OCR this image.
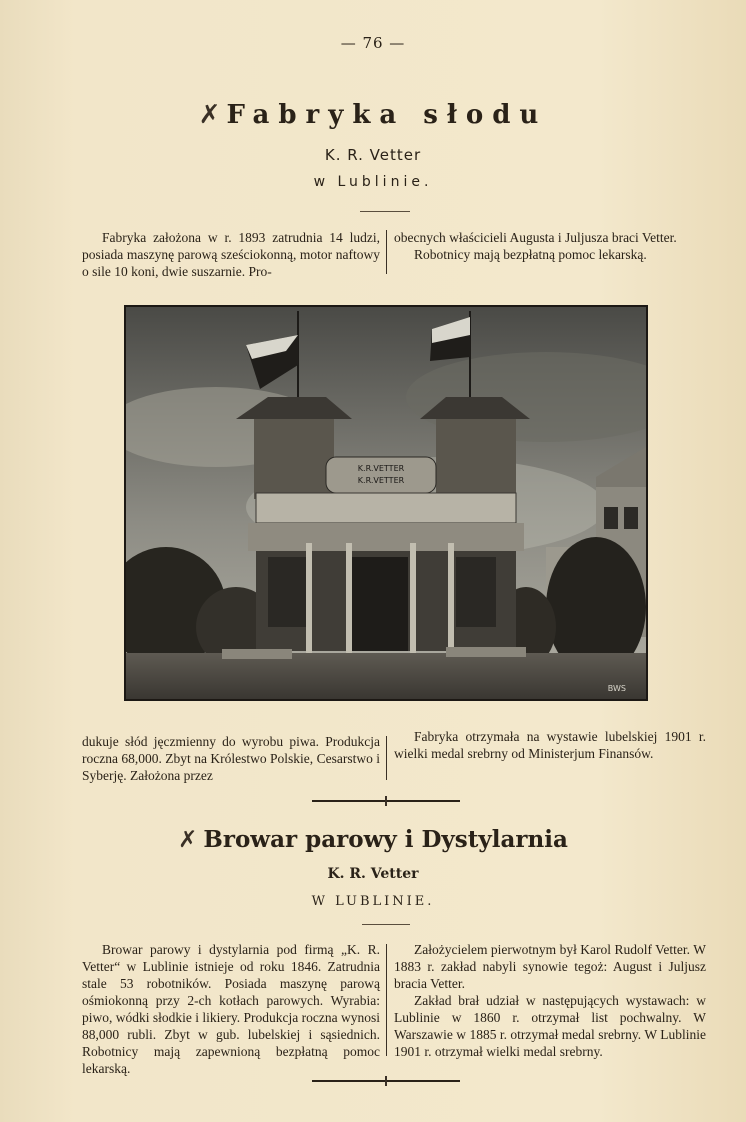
— 76 —
✗ Fabryka słodu
K. R. Vetter
w Lublinie.

Fabryka założona w r. 1893 zatrudnia 14 ludzi, posiada maszynę parową sześciokonną, motor naftowy o sile 10 koni, dwie suszarnie. Pro-

obecnych właścicieli Augusta i Juljusza braci Vetter.

Robotnicy mają bezpłatną pomoc lekarską.

K.R.VETTER
K.R.VETTER
BWS

dukuje słód jęczmienny do wyrobu piwa. Produkcja roczna 68,000. Zbyt na Królestwo Polskie, Cesarstwo i Syberję. Założona przez

Fabryka otrzymała na wystawie lubelskiej 1901 r. wielki medal srebrny od Ministerjum Finansów.

✗ Browar parowy i Dystylarnia
K. R. Vetter
W LUBLINIE.

Browar parowy i dystylarnia pod firmą „K. R. Vetter“ w Lublinie istnieje od roku 1846. Zatrudnia stale 53 robotników. Posiada maszynę parową ośmiokonną przy 2-ch kotłach parowych. Wyrabia: piwo, wódki słodkie i likiery. Produkcja roczna wynosi 88,000 rubli. Zbyt w gub. lubelskiej i sąsiednich. Robotnicy mają zapewnioną bezpłatną pomoc lekarską.

Założycielem pierwotnym był Karol Rudolf Vetter. W 1883 r. zakład nabyli synowie tegoż: August i Juljusz bracia Vetter.

Zakład brał udział w następujących wystawach: w Lublinie w 1860 r. otrzymał list pochwalny. W Warszawie w 1885 r. otrzymał medal srebrny. W Lublinie 1901 r. otrzymał wielki medal srebrny.
